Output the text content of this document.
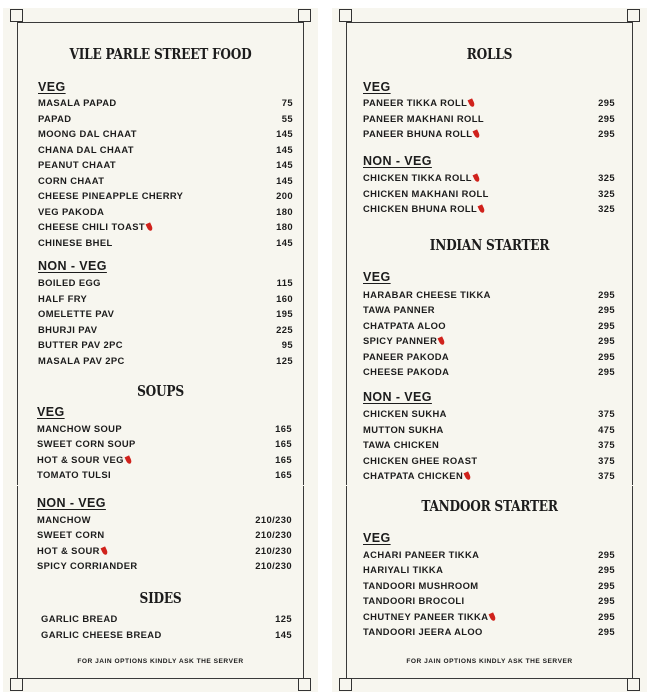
VILE PARLE STREET FOOD
VEG
NON - VEG
SOUPS
VEG
NON - VEG
SIDES
FOR JAIN OPTIONS KINDLY ASK THE SERVER
MASALA PAPAD	75
PAPAD	55
MOONG DAL CHAAT	145
CHANA DAL CHAAT	145
PEANUT CHAAT	145
CORN CHAAT	145
CHEESE PINEAPPLE CHERRY	200
VEG PAKODA	180
CHEESE CHILI TOAST	180
CHINESE BHEL	145
BOILED EGG	115
HALF FRY	160
OMELETTE PAV	195
BHURJI PAV	225
BUTTER PAV 2PC	95
MASALA PAV 2PC	125
MANCHOW SOUP	165
SWEET CORN SOUP	165
HOT & SOUR VEG	165
TOMATO TULSI	165
MANCHOW	210/230
SWEET CORN	210/230
HOT & SOUR	210/230
SPICY CORRIANDER	210/230
GARLIC BREAD	125
GARLIC CHEESE BREAD	145
ROLLS
VEG
NON - VEG
INDIAN STARTER
VEG
NON - VEG
TANDOOR STARTER
VEG
FOR JAIN OPTIONS KINDLY ASK THE SERVER
PANEER TIKKA ROLL	295
PANEER MAKHANI ROLL	295
PANEER BHUNA ROLL	295
CHICKEN TIKKA ROLL	325
CHICKEN MAKHANI ROLL	325
CHICKEN BHUNA ROLL	325
HARABAR CHEESE TIKKA	295
TAWA PANNER	295
CHATPATA ALOO	295
SPICY PANNER	295
PANEER PAKODA	295
CHEESE PAKODA	295
CHICKEN SUKHA	375
MUTTON SUKHA	475
TAWA CHICKEN	375
CHICKEN GHEE ROAST	375
CHATPATA CHICKEN	375
ACHARI PANEER TIKKA	295
HARIYALI TIKKA	295
TANDOORI MUSHROOM	295
TANDOORI BROCOLI	295
CHUTNEY PANEER TIKKA	295
TANDOORI JEERA ALOO	295
